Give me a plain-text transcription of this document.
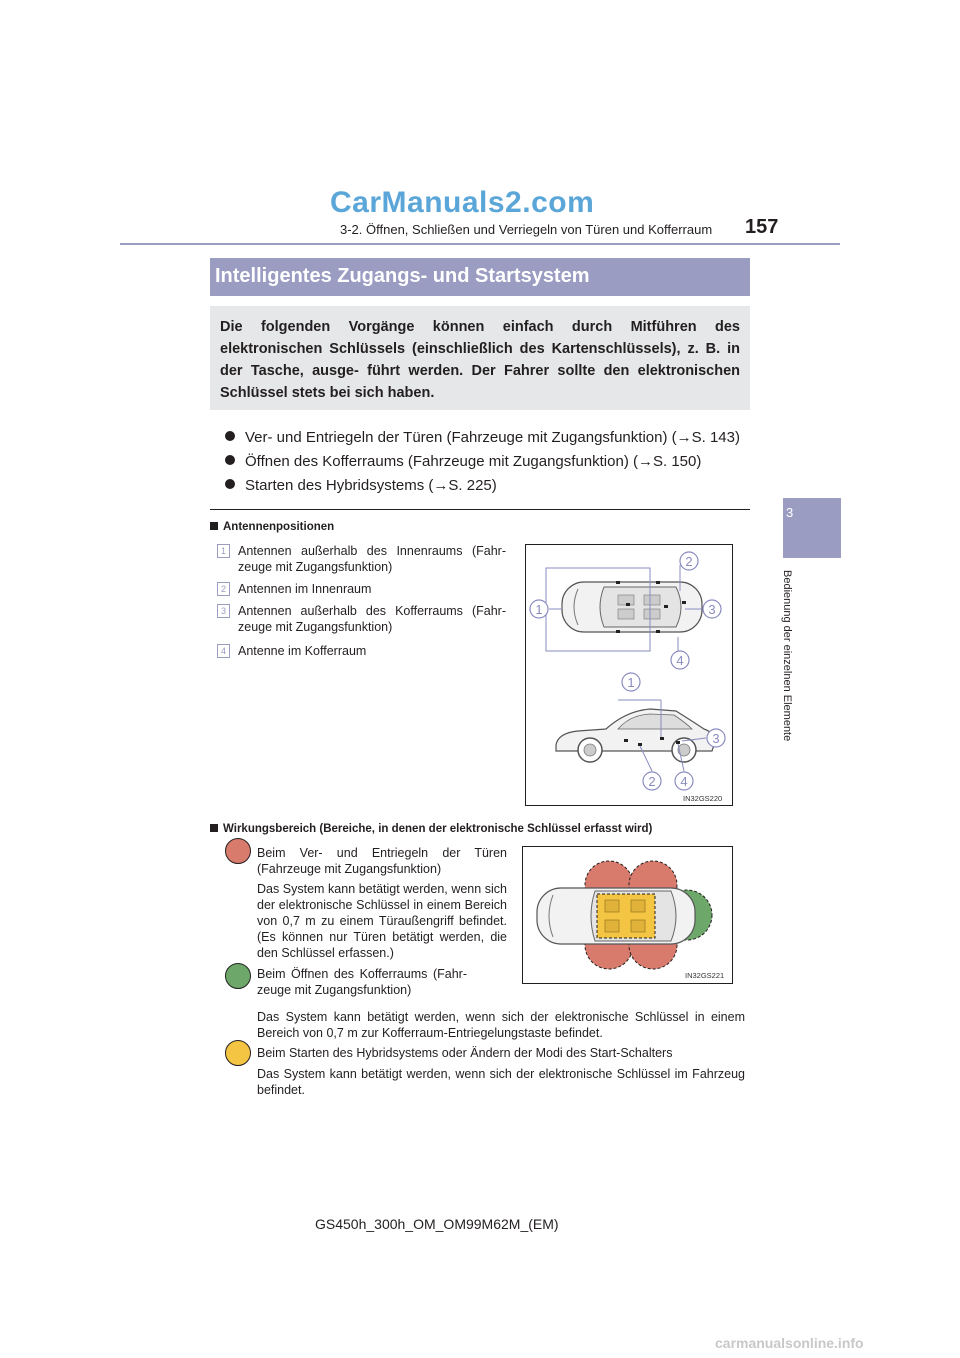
CarManuals2.com
3-2. Öffnen, Schließen und Verriegeln von Türen und Kofferraum 157
3
Bedienung der einzelnen Elemente
Intelligentes Zugangs- und Startsystem
Die folgenden Vorgänge können einfach durch Mitführen des elektronischen Schlüssels (einschließlich des Kartenschlüssels), z. B. in der Tasche, ausge- führt werden. Der Fahrer sollte den elektronischen Schlüssel stets bei sich haben.
Ver- und Entriegeln der Türen (Fahrzeuge mit Zugangsfunktion) (→S. 143)
Öffnen des Kofferraums (Fahrzeuge mit Zugangsfunktion) (→S. 150)
Starten des Hybridsystems (→S. 225)
Antennenpositionen
1 Antennen außerhalb des Innenraums (Fahr- zeuge mit Zugangsfunktion)
2 Antennen im Innenraum
3 Antennen außerhalb des Kofferraums (Fahr- zeuge mit Zugangsfunktion)
4 Antenne im Kofferraum
1
2
3
4
1
3
2 4
IN32GS220
Wirkungsbereich (Bereiche, in denen der elektronische Schlüssel erfasst wird)
IN32GS221
Beim Ver- und Entriegeln der Türen (Fahrzeuge mit Zugangsfunktion)
Das System kann betätigt werden, wenn sich der elektronische Schlüssel in einem Bereich von 0,7 m zu einem Türaußengriff befindet. (Es können nur Türen betätigt werden, die den Schlüssel erfassen.)
Beim Öffnen des Kofferraums (Fahr- zeuge mit Zugangsfunktion)
Das System kann betätigt werden, wenn sich der elektronische Schlüssel in einem Bereich von 0,7 m zur Kofferraum-Entriegelungstaste befindet.
Beim Starten des Hybridsystems oder Ändern der Modi des Start-Schalters
Das System kann betätigt werden, wenn sich der elektronische Schlüssel im Fahrzeug befindet.
GS450h_300h_OM_OM99M62M_(EM)
carmanualsonline.info
